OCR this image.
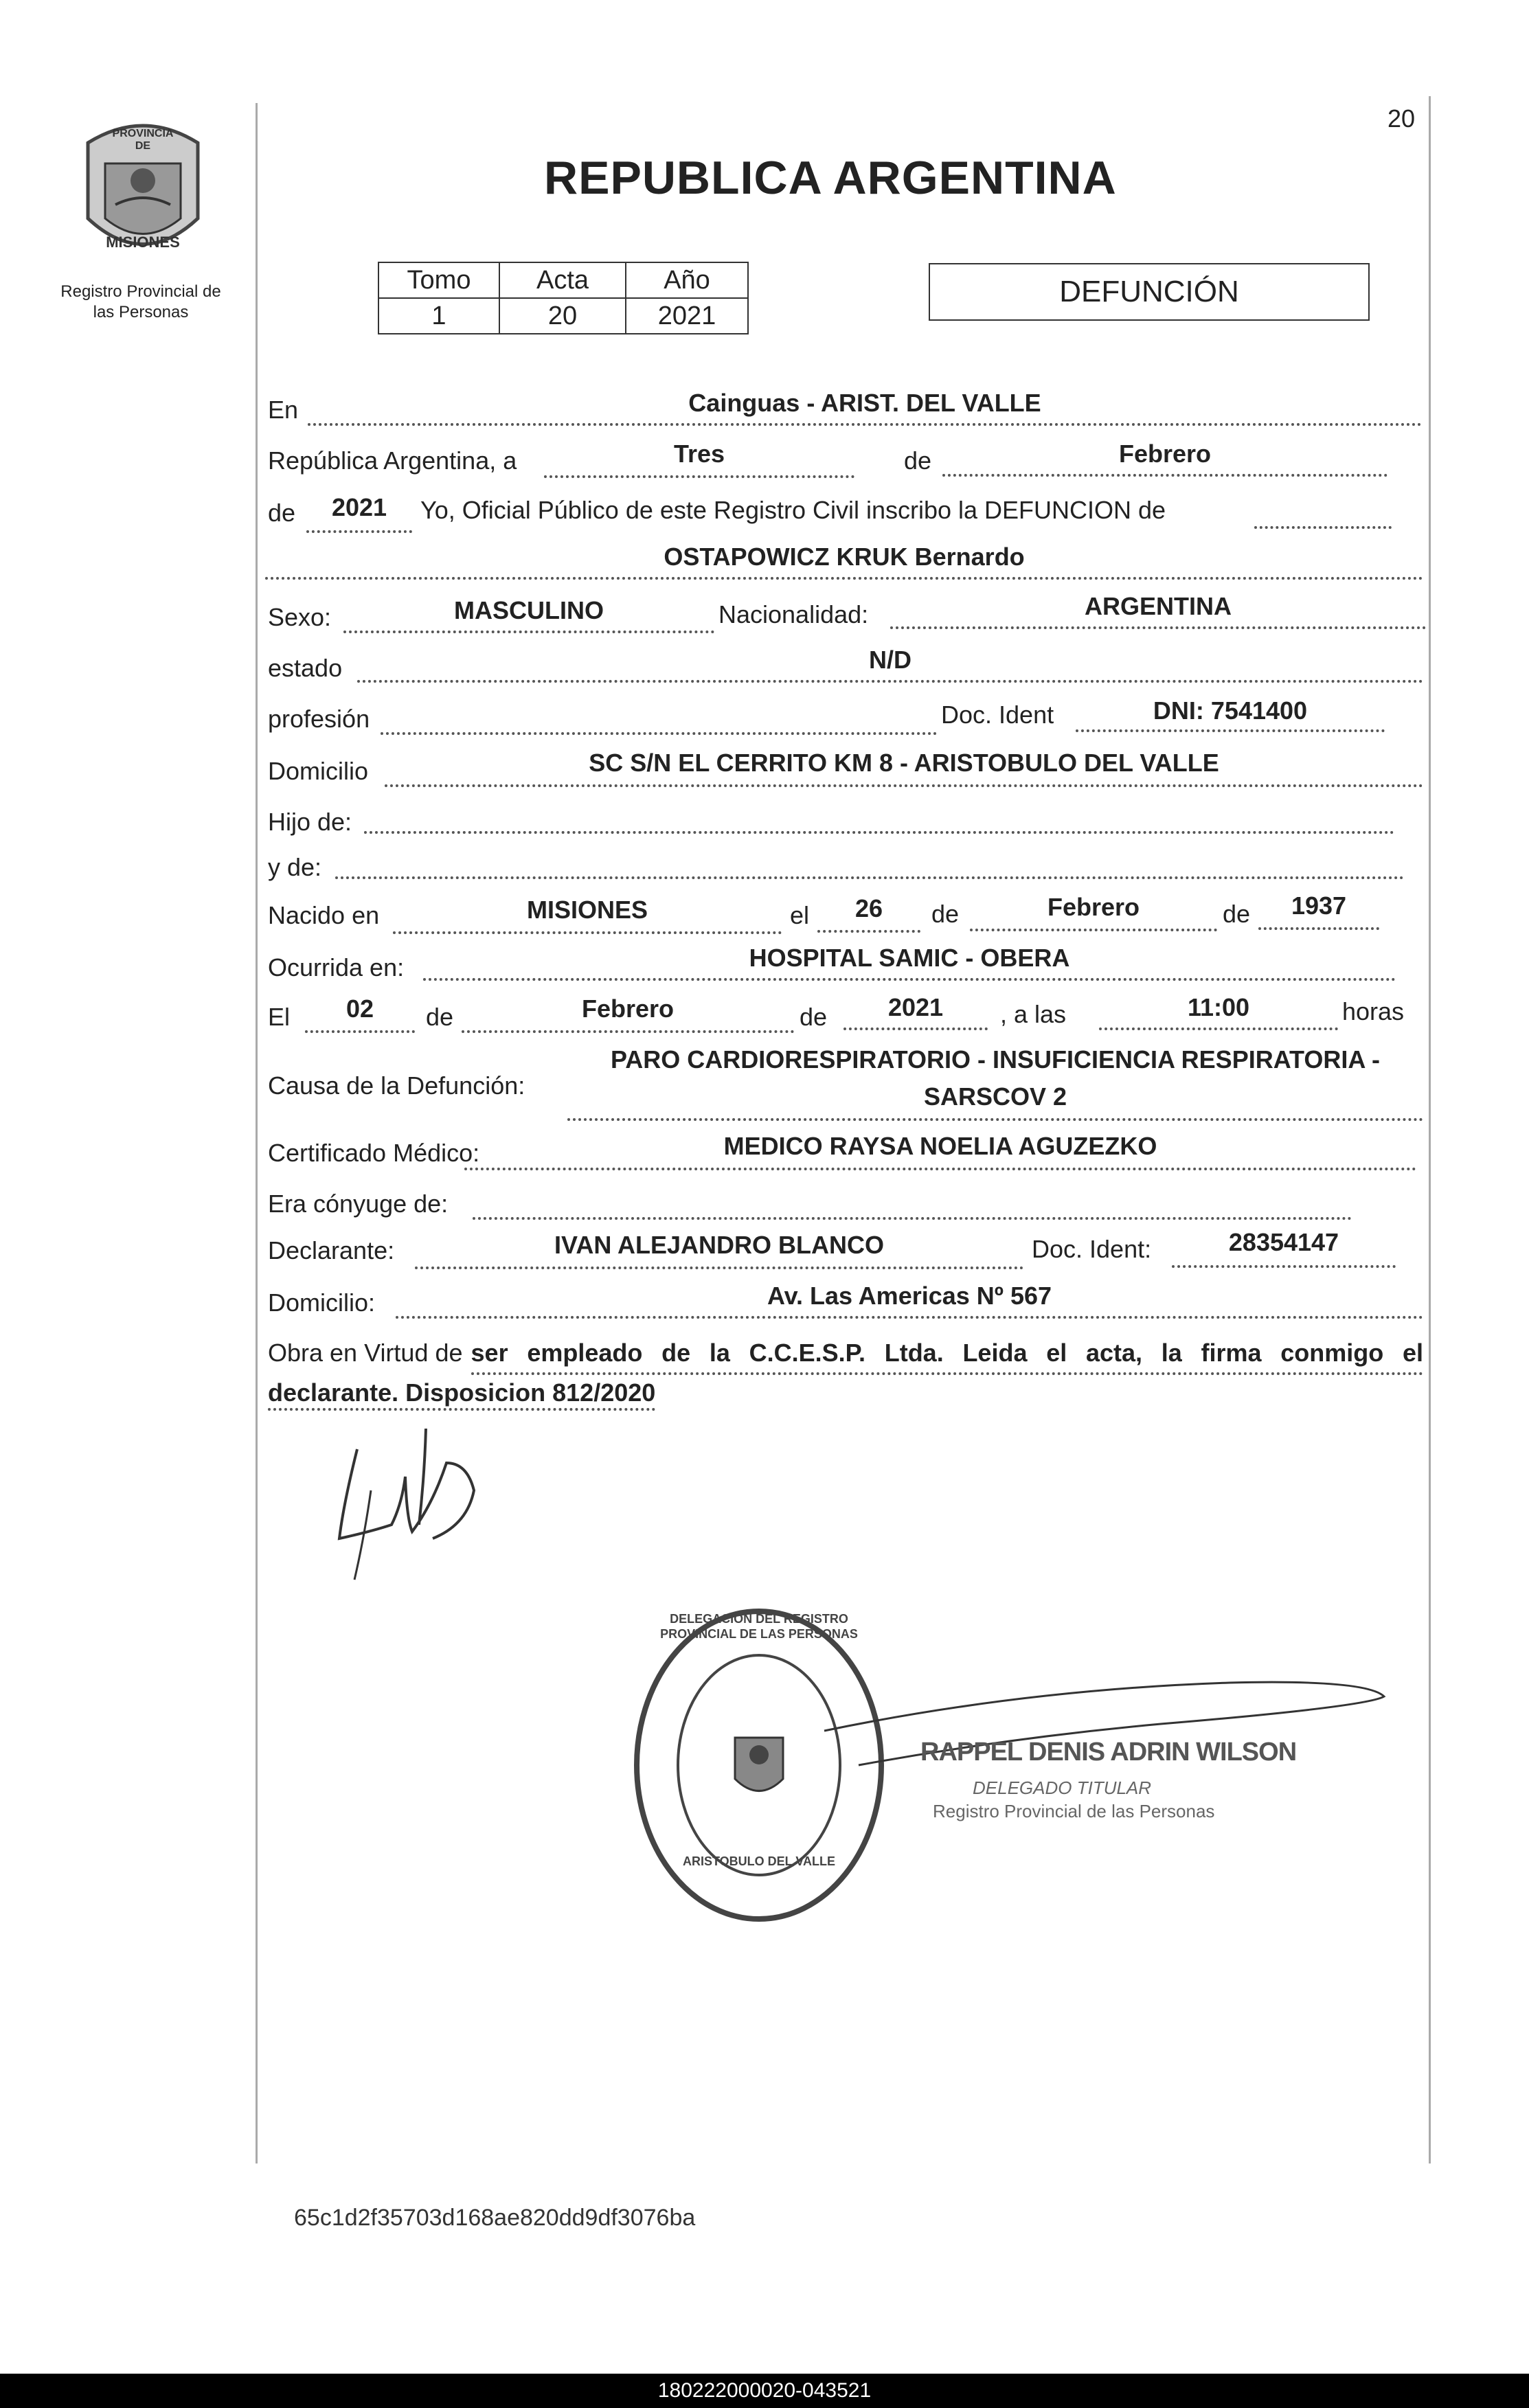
20
PROVINCIA DE
MISIONES
Registro Provincial de
las Personas
REPUBLICA ARGENTINA
Tomo	Acta	Año
1	20	2021
DEFUNCIÓN
En	Cainguas - ARIST. DEL VALLE
República Argentina, a	Tres	de	Febrero
de	2021	Yo, Oficial Público de este Registro Civil inscribo la DEFUNCION de
OSTAPOWICZ KRUK Bernardo
Sexo:	MASCULINO	Nacionalidad:	ARGENTINA
estado	N/D
profesión	Doc. Ident	DNI: 7541400
Domicilio	SC S/N EL CERRITO KM 8 - ARISTOBULO DEL VALLE
Hijo de:
y de:
Nacido en	MISIONES	el	26	de	Febrero	de	1937
Ocurrida en:	HOSPITAL SAMIC - OBERA
El	02	de	Febrero	de	2021	, a las	11:00	horas
Causa de la Defunción:
PARO CARDIORESPIRATORIO - INSUFICIENCIA RESPIRATORIA -
SARSCOV 2
Certificado Médico:	MEDICO RAYSA NOELIA AGUZEZKO
Era cónyuge de:
Declarante:	IVAN ALEJANDRO BLANCO	Doc. Ident:	28354147
Domicilio:	Av. Las Americas Nº 567
Obra en Virtud de ser empleado de la C.C.E.S.P. Ltda. Leida el acta, la firma conmigo el
declarante. Disposicion 812/2020
DELEGACION DEL REGISTRO PROVINCIAL DE LAS PERSONAS
ARISTOBULO DEL VALLE
RAPPEL DENIS ADRIN WILSON
DELEGADO TITULAR
Registro Provincial de las Personas
65c1d2f35703d168ae820dd9df3076ba
180222000020-043521
